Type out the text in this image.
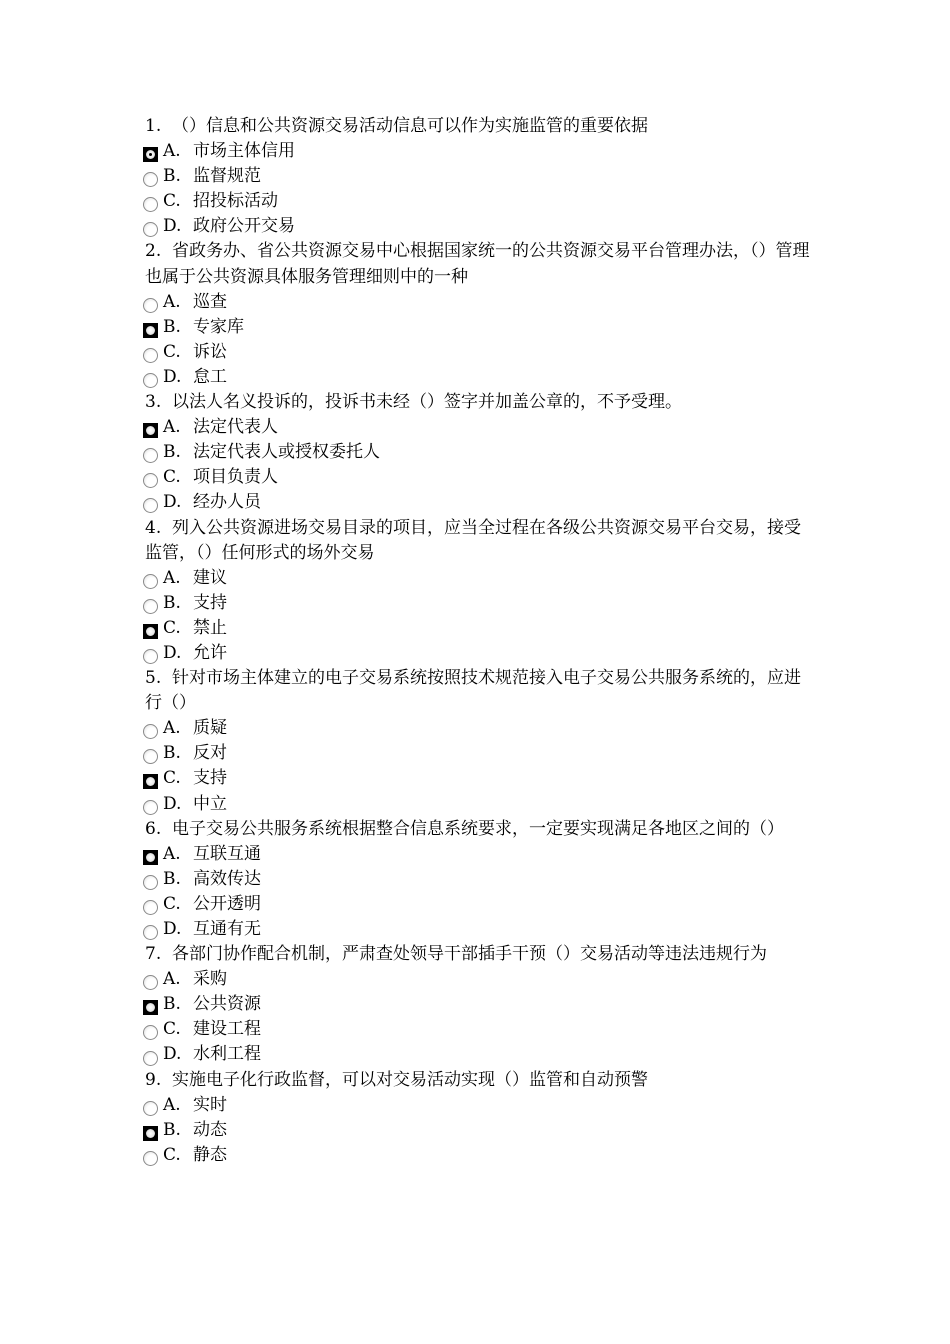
1. （）信息和公共资源交易活动信息可以作为实施监管的重要依据
A. 市场主体信用
B. 监督规范
C. 招投标活动
D. 政府公开交易
2. 省政务办、省公共资源交易中心根据国家统一的公共资源交易平台管理办法，（）管理也属于公共资源具体服务管理细则中的一种
A. 巡查
B. 专家库
C. 诉讼
D. 怠工
3. 以法人名义投诉的，投诉书未经（）签字并加盖公章的，不予受理。
A. 法定代表人
B. 法定代表人或授权委托人
C. 项目负责人
D. 经办人员
4. 列入公共资源进场交易目录的项目，应当全过程在各级公共资源交易平台交易，接受监管，（）任何形式的场外交易
A. 建议
B. 支持
C. 禁止
D. 允许
5. 针对市场主体建立的电子交易系统按照技术规范接入电子交易公共服务系统的，应进行（）
A. 质疑
B. 反对
C. 支持
D. 中立
6. 电子交易公共服务系统根据整合信息系统要求，一定要实现满足各地区之间的（）
A. 互联互通
B. 高效传达
C. 公开透明
D. 互通有无
7. 各部门协作配合机制，严肃查处领导干部插手干预（）交易活动等违法违规行为
A. 采购
B. 公共资源
C. 建设工程
D. 水利工程
9. 实施电子化行政监督，可以对交易活动实现（）监管和自动预警
A. 实时
B. 动态
C. 静态
